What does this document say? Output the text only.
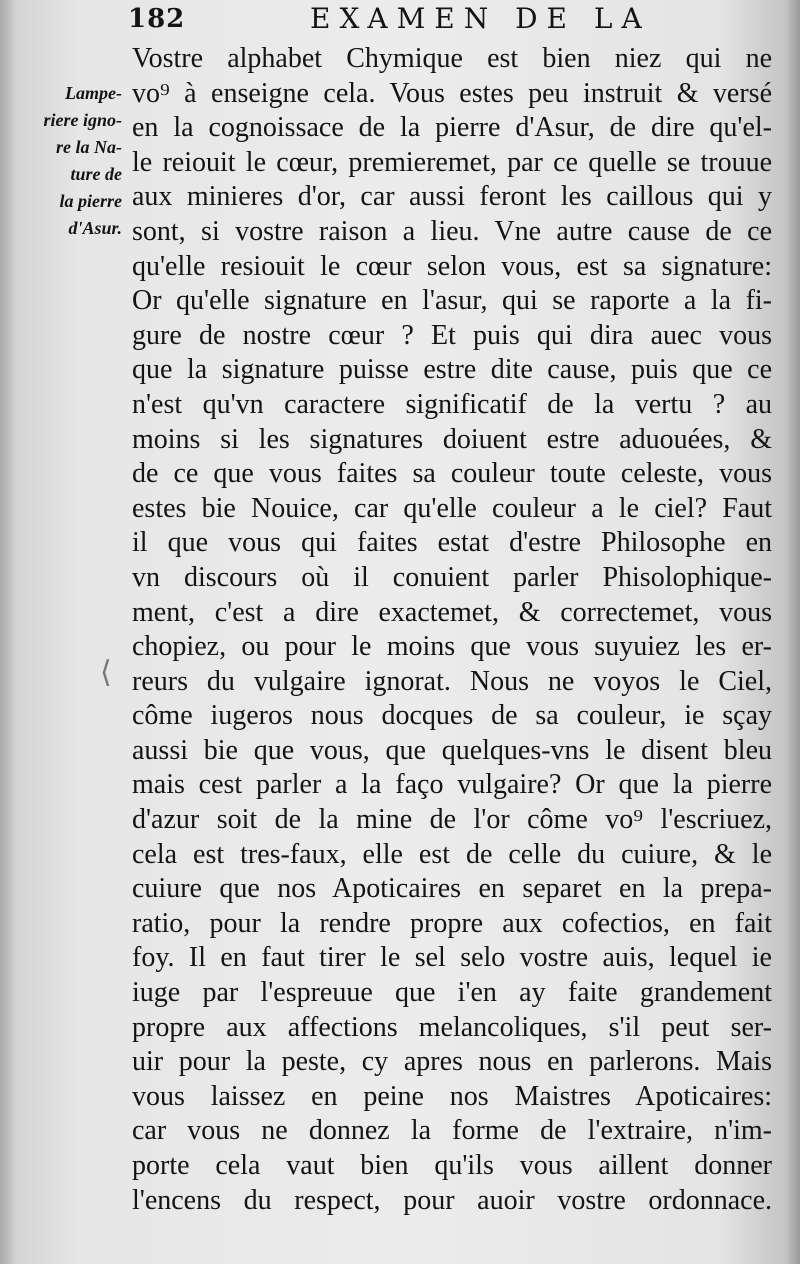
182	EXAMEN DE LA
Lampe-
riere igno-
re la Na-
ture de
la pierre
d'Asur.
⟨
Vostre alphabet Chymique est bien niez qui ne
vo⁹ à enseigne cela. Vous estes peu instruit & versé
en la cognoissace de la pierre d'Asur, de dire qu'el-
le reiouit le cœur, premieremet, par ce quelle se trouue
aux minieres d'or, car aussi feront les caillous qui y
sont, si vostre raison a lieu. Vne autre cause de ce
qu'elle resiouit le cœur selon vous, est sa signature:
Or qu'elle signature en l'asur, qui se raporte a la fi-
gure de nostre cœur ? Et puis qui dira auec vous
que la signature puisse estre dite cause, puis que ce
n'est qu'vn caractere significatif de la vertu ? au
moins si les signatures doiuent estre aduouées, &
de ce que vous faites sa couleur toute celeste, vous
estes bie Nouice, car qu'elle couleur a le ciel? Faut
il que vous qui faites estat d'estre Philosophe en
vn discours où il conuient parler Phisolophique-
ment, c'est a dire exactemet, & correctemet, vous
chopiez, ou pour le moins que vous suyuiez les er-
reurs du vulgaire ignorat. Nous ne voyos le Ciel,
côme iugeros nous docques de sa couleur, ie sçay
aussi bie que vous, que quelques-vns le disent bleu
mais cest parler a la faço vulgaire? Or que la pierre
d'azur soit de la mine de l'or côme vo⁹ l'escriuez,
cela est tres-faux, elle est de celle du cuiure, & le
cuiure que nos Apoticaires en separet en la prepa-
ratio, pour la rendre propre aux cofectios, en fait
foy. Il en faut tirer le sel selo vostre auis, lequel ie
iuge par l'espreuue que i'en ay faite grandement
propre aux affections melancoliques, s'il peut ser-
uir pour la peste, cy apres nous en parlerons. Mais
vous laissez en peine nos Maistres Apoticaires:
car vous ne donnez la forme de l'extraire, n'im-
porte cela vaut bien qu'ils vous aillent donner
l'encens du respect, pour auoir vostre ordonnace.
